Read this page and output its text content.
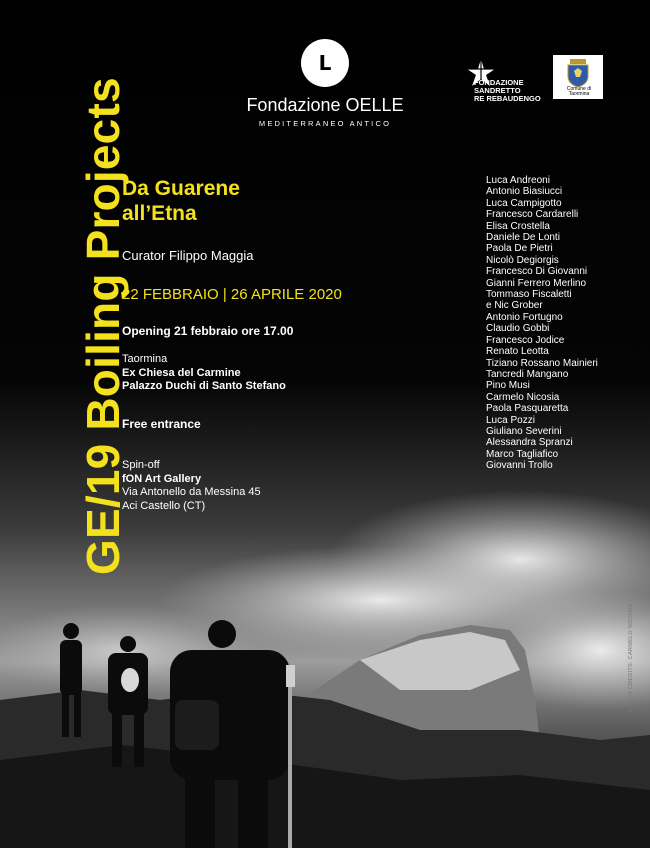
GE/19 Boiling Projects
L
Fondazione OELLE
MEDITERRANEO ANTICO
FONDAZIONE
SANDRETTO
RE REBAUDENGO
Comune di Taormina
Da Guarene
all’Etna
Curator Filippo Maggia
22 FEBBRAIO | 26 APRILE 2020
Opening 21 febbraio ore 17.00
Taormina
Ex Chiesa del Carmine
Palazzo Duchi di Santo Stefano
Free entrance
Spin-off
fON Art Gallery
Via Antonello da Messina 45
Aci Castello (CT)
Luca Andreoni
Antonio Biasiucci
Luca Campigotto
Francesco Cardarelli
Elisa Crostella
Daniele De Lonti
Paola De Pietri
Nicolò Degiorgis
Francesco Di Giovanni
Gianni Ferrero Merlino
Tommaso Fiscaletti
e Nic Grober
Antonio Fortugno
Claudio Gobbi
Francesco Jodice
Renato Leotta
Tiziano Rossano Mainieri
Tancredi Mangano
Pino Musi
Carmelo Nicosia
Paola Pasquaretta
Luca Pozzi
Giuliano Severini
Alessandra Spranzi
Marco Tagliafico
Giovanni Trollo
PHOTO CREDITS: CARMELO NICOSIA
